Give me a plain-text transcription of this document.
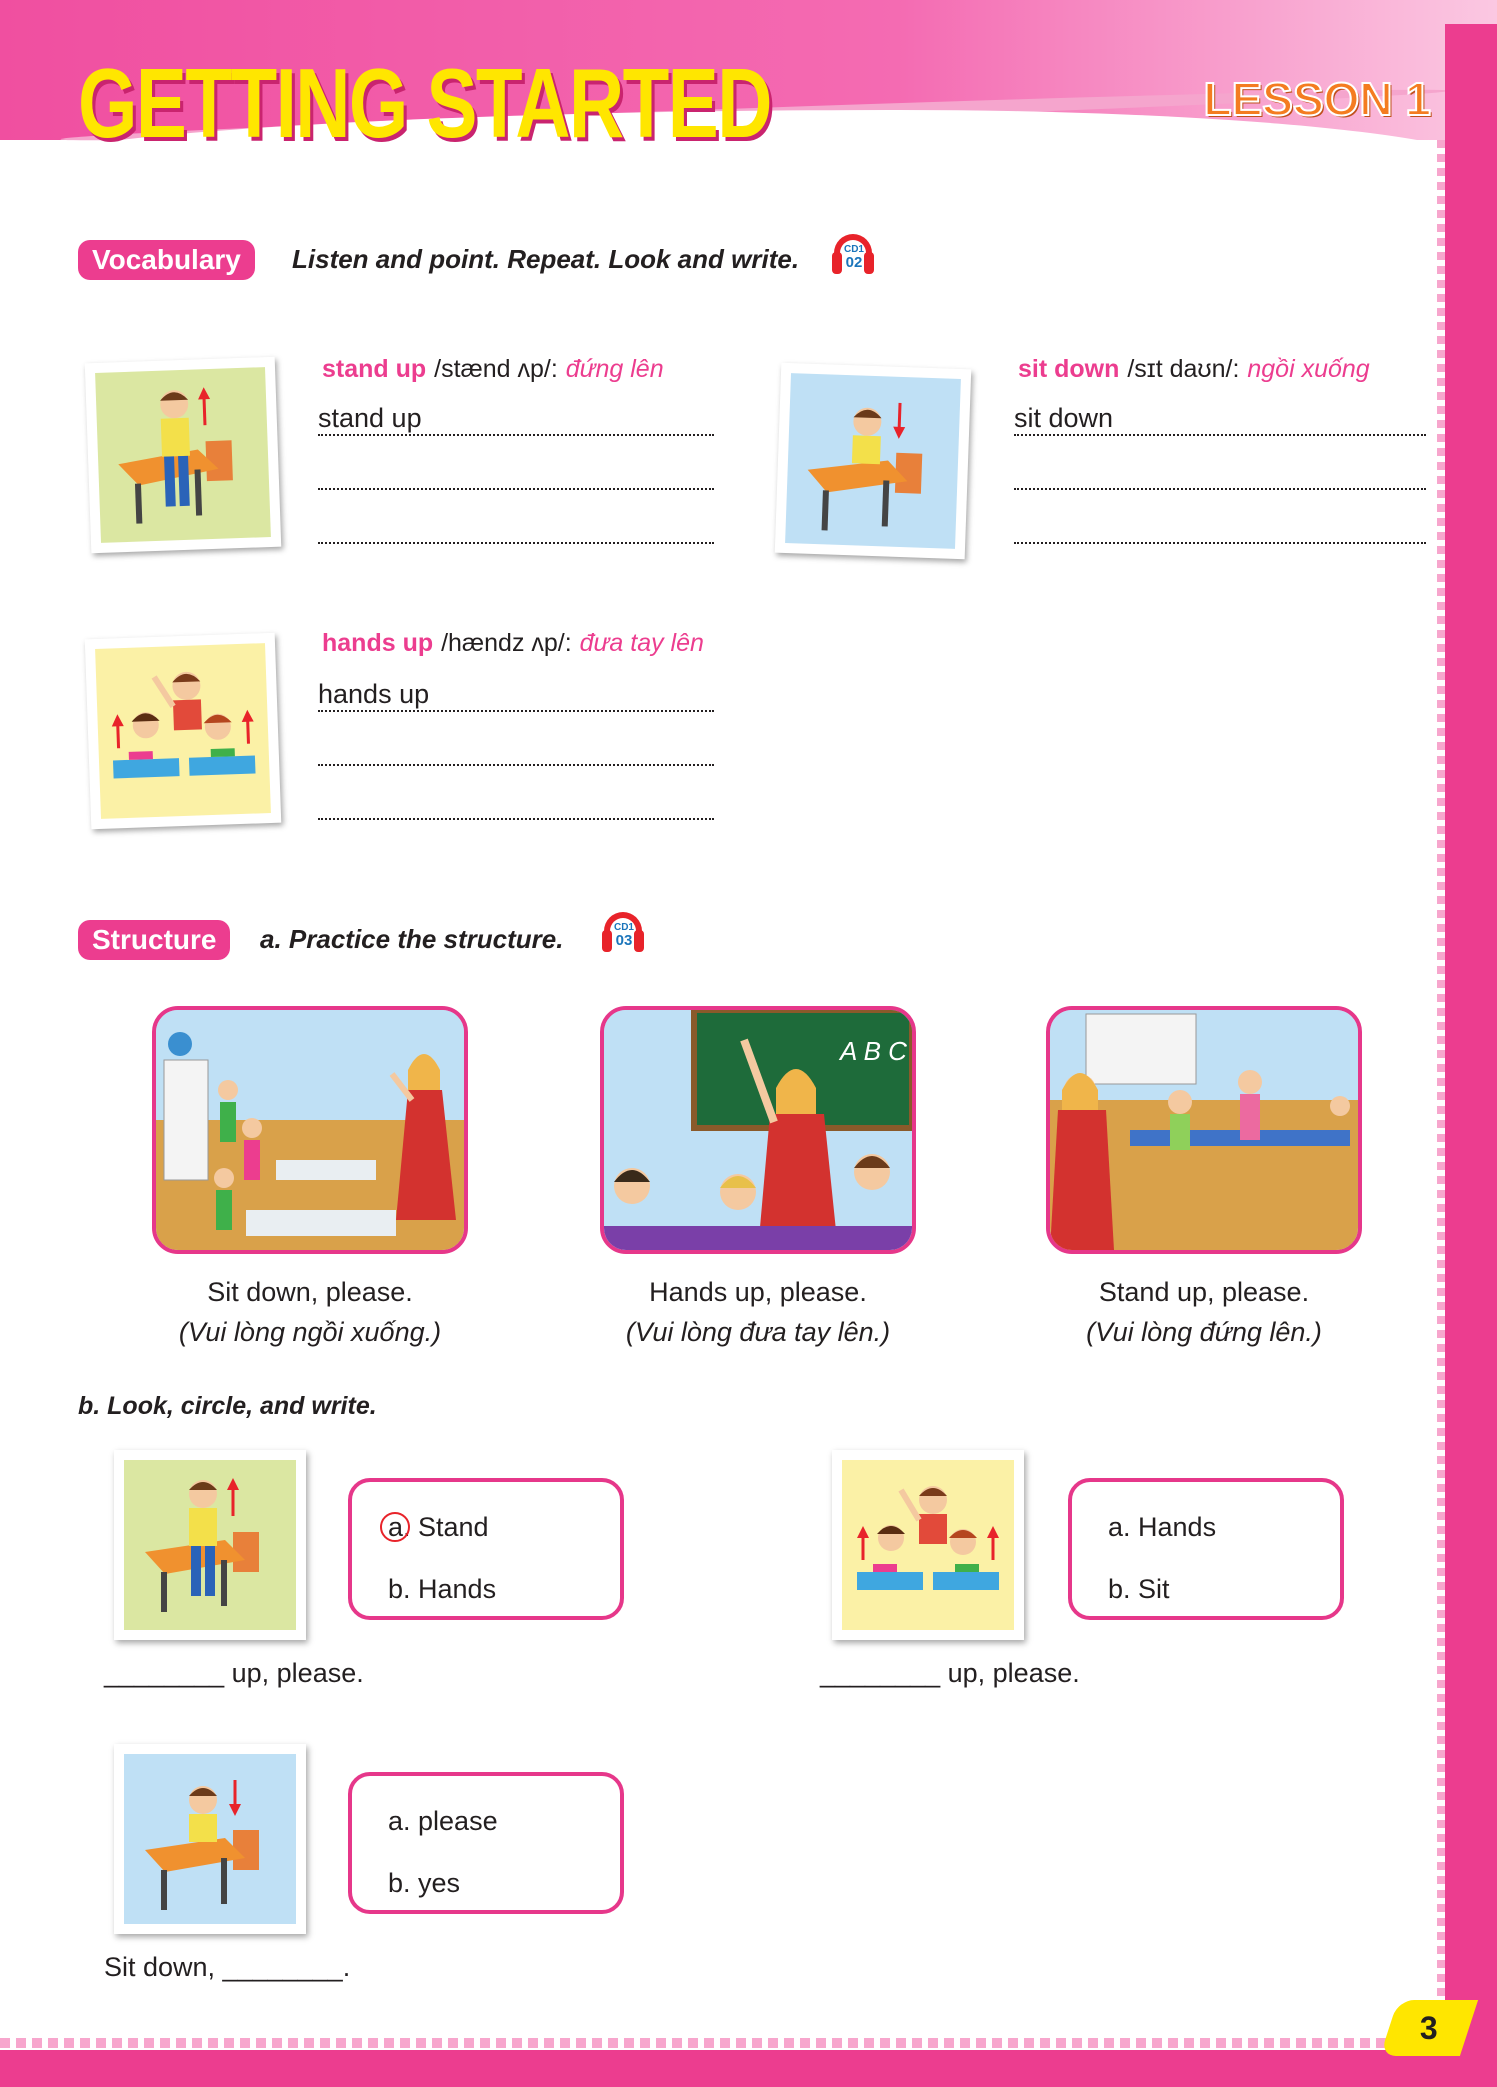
GETTING STARTED	LESSON 1
3
Vocabulary	Listen and point. Repeat. Look and write.	CD1
02
stand up /stænd ʌp/: đứng lên
stand up
sit down /sɪt daʊn/: ngồi xuống
sit down
hands up /hændz ʌp/: đưa tay lên
hands up
Structure	a. Practice the structure.	CD1
03
Sit down, please.
(Vui lòng ngồi xuống.)
A B C
Hands up, please.
(Vui lòng đưa tay lên.)
Stand up, please.
(Vui lòng đứng lên.)
b. Look, circle, and write.
a. Stand
b. Hands
________ up, please.
a. Hands
b. Sit
________ up, please.
a. please
b. yes
Sit down, ________.
